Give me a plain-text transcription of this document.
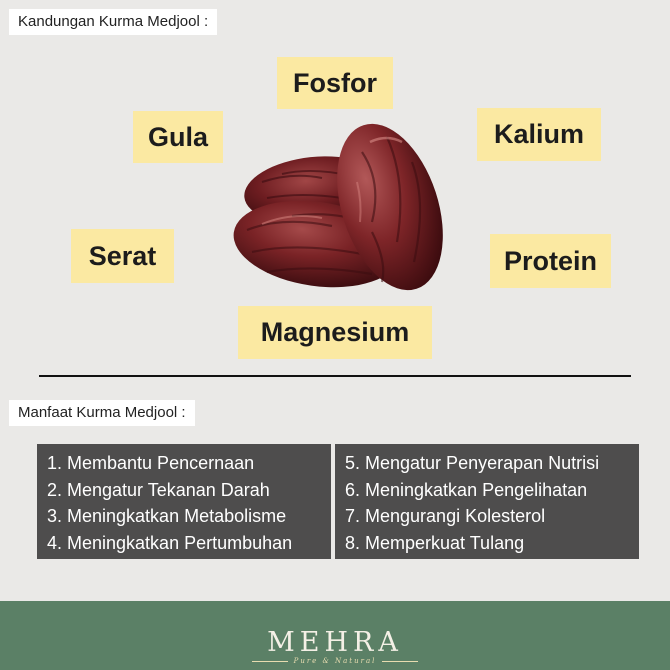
Kandungan Kurma Medjool :
Fosfor
Gula	Kalium
Serat	Protein
Magnesium
Manfaat Kurma Medjool :
1. Membantu Pencernaan
2. Mengatur Tekanan Darah
3. Meningkatkan Metabolisme
4. Meningkatkan Pertumbuhan
5. Mengatur Penyerapan Nutrisi
6. Meningkatkan Pengelihatan
7. Mengurangi Kolesterol
8. Memperkuat Tulang
MEHRA
Pure & Natural
